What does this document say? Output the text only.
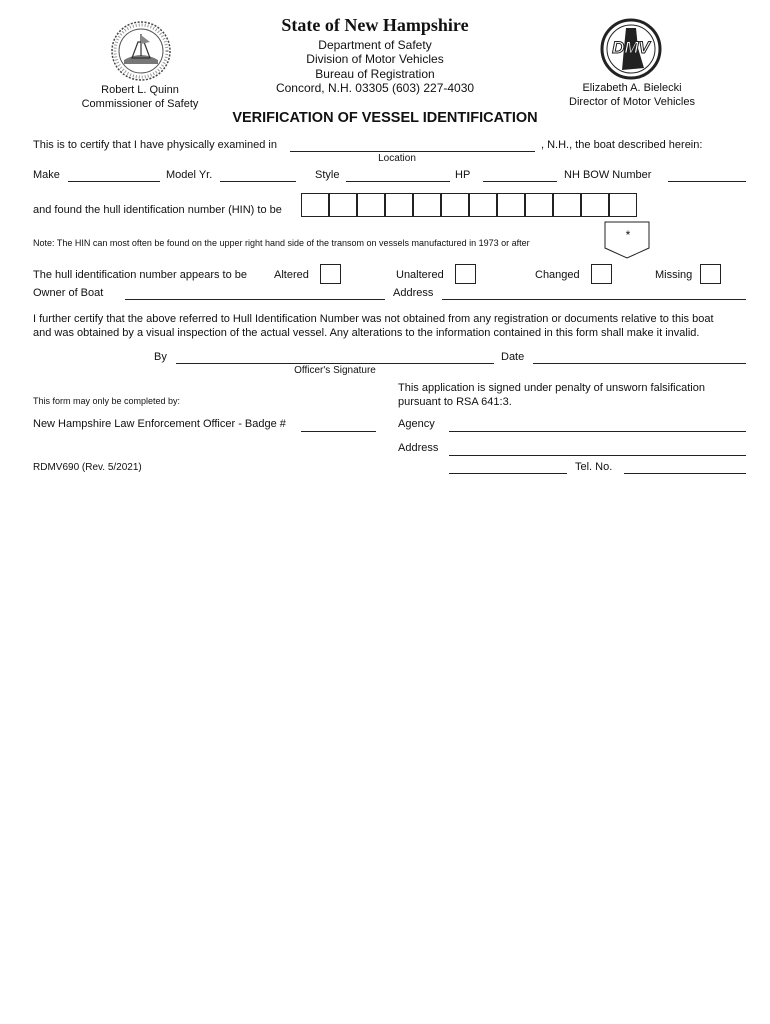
DMV
State of New Hampshire
Department of Safety
Division of Motor Vehicles
Bureau of Registration
Concord, N.H. 03305 (603) 227-4030
Robert L. Quinn
Commissioner of Safety
Elizabeth A. Bielecki
Director of Motor Vehicles
VERIFICATION OF VESSEL IDENTIFICATION
This is to certify that I have physically examined in	, N.H., the boat described herein:
Location
Make	Model Yr.	Style	HP	NH BOW Number
and found the hull identification number (HIN) to be
Note: The HIN can most often be found on the upper right hand side of the transom on vessels manufactured in 1973 or after
*
The hull identification number appears to be Altered	Unaltered	Changed	Missing
Owner of Boat	Address
I further certify that the above referred to Hull Identification Number was not obtained from any registration or documents relative to this boat
and was obtained by a visual inspection of the actual vessel. Any alterations to the information contained in this form shall make it invalid.
By	Date
Officer's Signature
This form may only be completed by:
This application is signed under penalty of unsworn falsification
pursuant to RSA 641:3.
New Hampshire Law Enforcement Officer - Badge #	Agency
Address
RDMV690 (Rev. 5/2021)	Tel. No.
